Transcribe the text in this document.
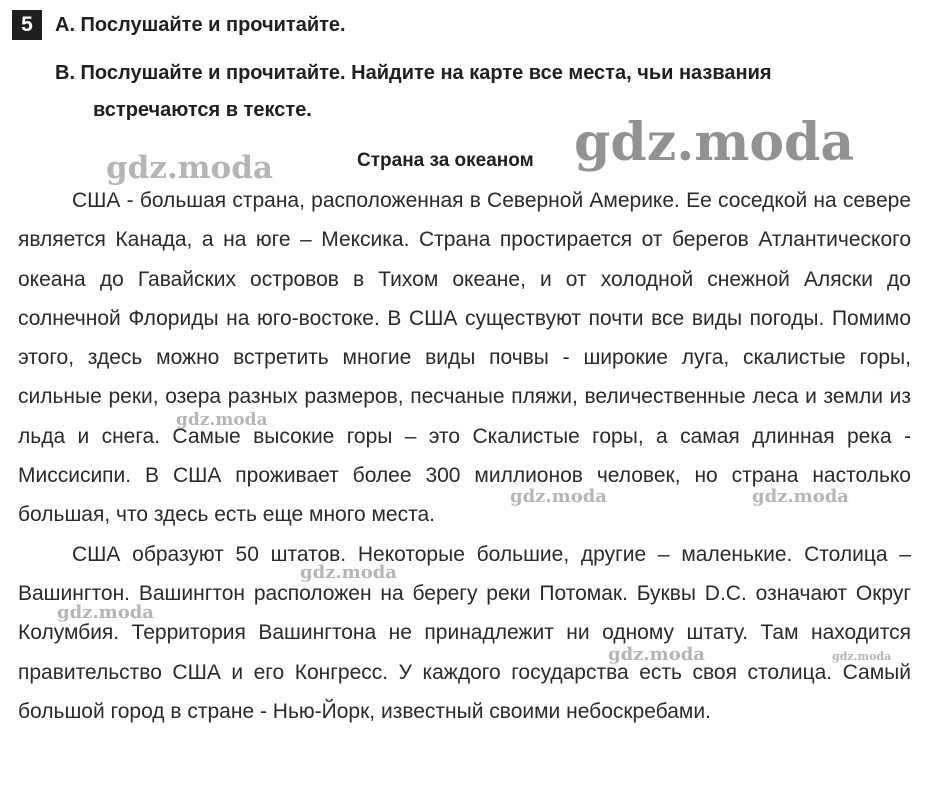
5 A. Послушайте и прочитайте.
B. Послушайте и прочитайте. Найдите на карте все места, чьи названия
встречаются в тексте.
Страна за океаном

США - большая страна, расположенная в Северной Америке. Ее соседкой на севере является Канада, а на юге – Мексика. Страна простирается от берегов Атлантического океана до Гавайских островов в Тихом океане, и от холодной снежной Аляски до солнечной Флориды на юго-востоке. В США существуют почти все виды погоды. Помимо этого, здесь можно встретить многие виды почвы - широкие луга, скалистые горы, сильные реки, озера разных размеров, песчаные пляжи, величественные леса и земли из льда и снега. Самые высокие горы – это Скалистые горы, а самая длинная река - Миссисипи. В США проживает более 300 миллионов человек, но страна настолько большая, что здесь есть еще много места.

США образуют 50 штатов. Некоторые большие, другие – маленькие. Столица –Вашингтон. Вашингтон расположен на берегу реки Потомак. Буквы D.C. означают Округ Колумбия. Территория Вашингтона не принадлежит ни одному штату. Там находится правительство США и его Конгресс. У каждого государства есть своя столица. Самый большой город в стране - Нью-Йорк, известный своими небоскребами.

gdz.moda
gdz.moda
gdz.moda
gdz.moda	gdz.moda
gdz.moda
gdz.moda
gdz.moda	gdz.moda
